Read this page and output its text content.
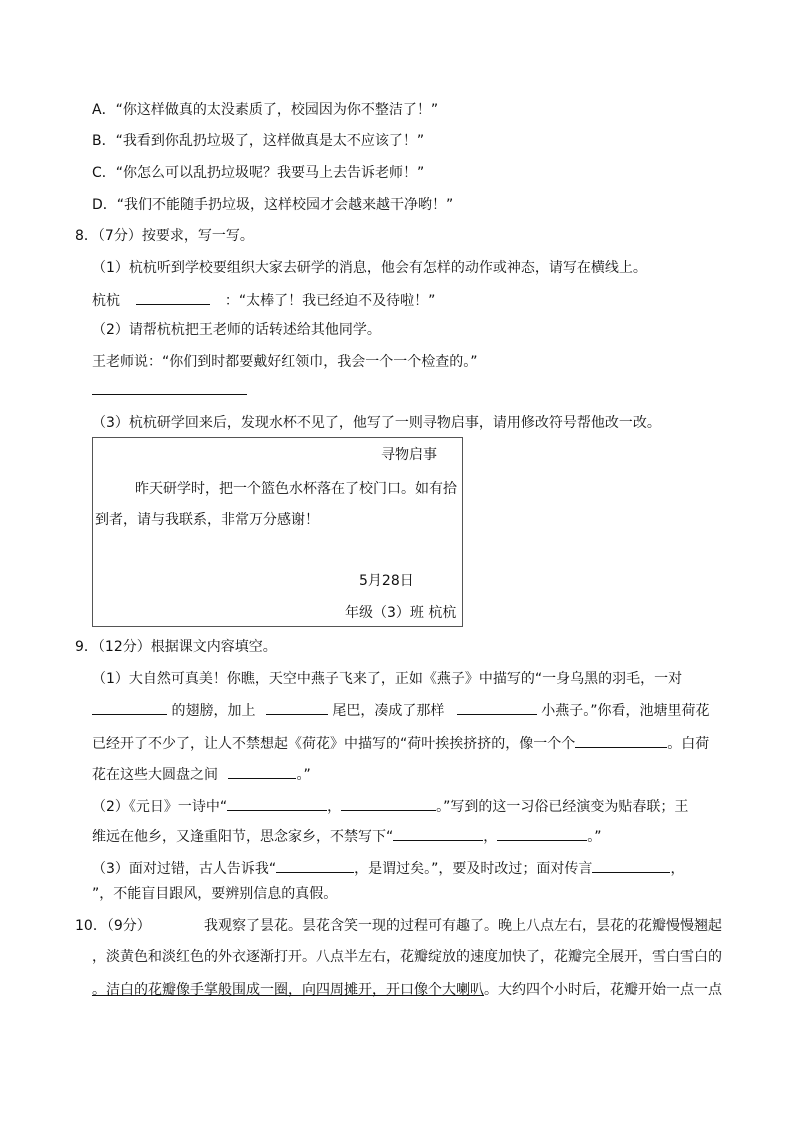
A．“你这样做真的太没素质了，校园因为你不整洁了！”
B．“我看到你乱扔垃圾了，这样做真是太不应该了！”
C．“你怎么可以乱扔垃圾呢？我要马上去告诉老师！”
D．“我们不能随手扔垃圾，这样校园才会越来越干净哟！”
8．（7分）按要求，写一写。
（1）杭杭听到学校要组织大家去研学的消息，他会有怎样的动作或神态，请写在横线上。
杭杭	：“太棒了！我已经迫不及待啦！”
（2）请帮杭杭把王老师的话转述给其他同学。
王老师说：“你们到时都要戴好红领巾，我会一个一个检查的。”
（3）杭杭研学回来后，发现水杯不见了，他写了一则寻物启事，请用修改符号帮他改一改。
寻物启事
昨天研学时，把一个篮色水杯落在了校门口。如有拾
到者，请与我联系，非常万分感谢！
5月28日
年级（3）班 杭杭
9．（12分）根据课文内容填空。
（1）大自然可真美！你瞧，天空中燕子飞来了，正如《燕子》中描写的“一身乌黑的羽毛，一对
的翅膀，加上	尾巴，凑成了那样	小燕子。”你看，池塘里荷花
已经开了不少了，让人不禁想起《荷花》中描写的“荷叶挨挨挤挤的，像一个个	。白荷
花在这些大圆盘之间	。”
（2）《元日》一诗中“	，	。”写到的这一习俗已经演变为贴春联；王
维远在他乡，又逢重阳节，思念家乡，不禁写下“	，	。”
（3）面对过错，古人告诉我“	，是谓过矣。”，要及时改过；面对传言	，
”，不能盲目跟风，要辨别信息的真假。
10．（9分）	我观察了昙花。昙花含笑一现的过程可有趣了。晚上八点左右，昙花的花瓣慢慢翘起
，淡黄色和淡红色的外衣逐渐打开。八点半左右，花瓣绽放的速度加快了，花瓣完全展开，雪白雪白的
。洁白的花瓣像手掌般围成一圈，向四周摊开，开口像个大喇叭。大约四个小时后，花瓣开始一点一点
